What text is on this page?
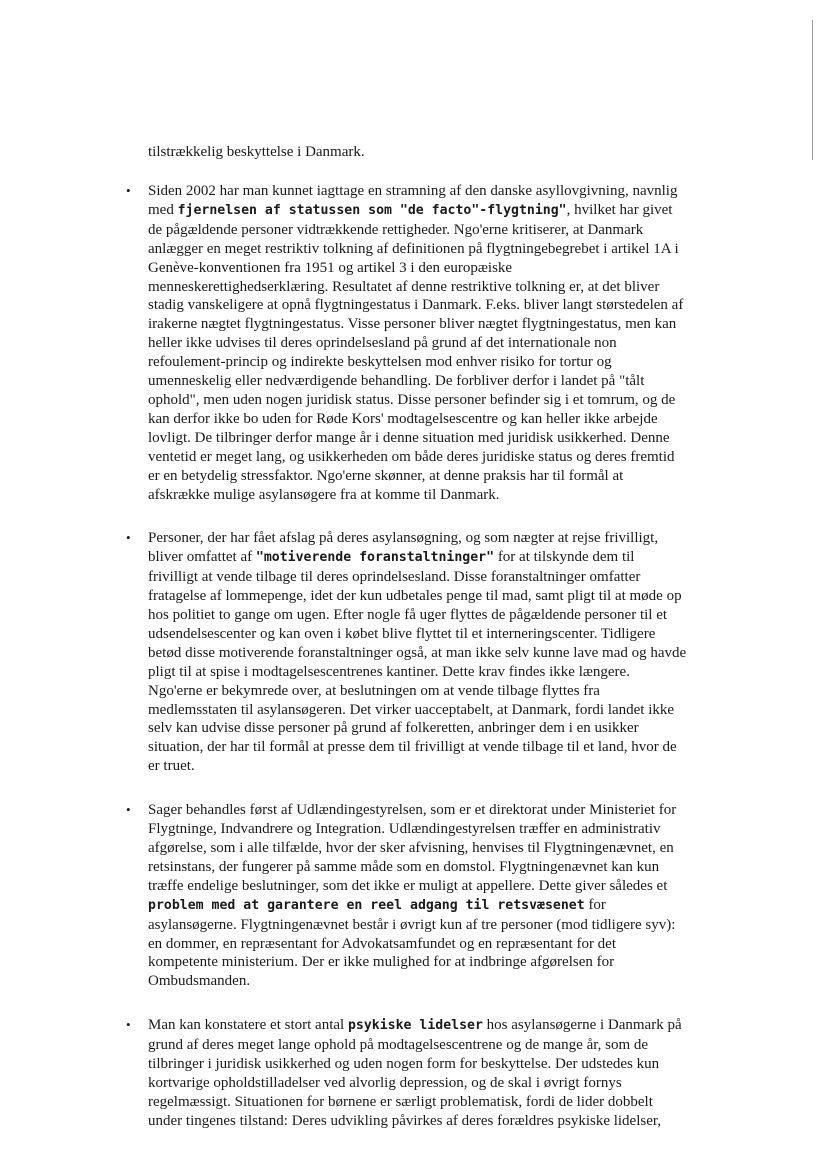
tilstrækkelig beskyttelse i Danmark.

• Siden 2002 har man kunnet iagttage en stramning af den danske asyllovgivning, navnlig med fjernelsen af statussen som "de facto"-flygtning", hvilket har givet de pågældende personer vidtrækkende rettigheder. Ngo'erne kritiserer, at Danmark anlægger en meget restriktiv tolkning af definitionen på flygtningebegrebet i artikel 1A i Genève-konventionen fra 1951 og artikel 3 i den europæiske menneskerettighedserklæring. Resultatet af denne restriktive tolkning er, at det bliver stadig vanskeligere at opnå flygtningestatus i Danmark. F.eks. bliver langt størstedelen af irakerne nægtet flygtningestatus. Visse personer bliver nægtet flygtningestatus, men kan heller ikke udvises til deres oprindelsesland på grund af det internationale non refoulement-princip og indirekte beskyttelsen mod enhver risiko for tortur og umenneskelig eller nedværdigende behandling. De forbliver derfor i landet på "tålt ophold", men uden nogen juridisk status. Disse personer befinder sig i et tomrum, og de kan derfor ikke bo uden for Røde Kors' modtagelsescentre og kan heller ikke arbejde lovligt. De tilbringer derfor mange år i denne situation med juridisk usikkerhed. Denne ventetid er meget lang, og usikkerheden om både deres juridiske status og deres fremtid er en betydelig stressfaktor. Ngo'erne skønner, at denne praksis har til formål at afskrække mulige asylansøgere fra at komme til Danmark.
• Personer, der har fået afslag på deres asylansøgning, og som nægter at rejse frivilligt, bliver omfattet af "motiverende foranstaltninger" for at tilskynde dem til frivilligt at vende tilbage til deres oprindelsesland. Disse foranstaltninger omfatter fratagelse af lommepenge, idet der kun udbetales penge til mad, samt pligt til at møde op hos politiet to gange om ugen. Efter nogle få uger flyttes de pågældende personer til et udsendelsescenter og kan oven i købet blive flyttet til et interneringscenter. Tidligere betød disse motiverende foranstaltninger også, at man ikke selv kunne lave mad og havde pligt til at spise i modtagelsescentrenes kantiner. Dette krav findes ikke længere. Ngo'erne er bekymrede over, at beslutningen om at vende tilbage flyttes fra medlemsstaten til asylansøgeren. Det virker uacceptabelt, at Danmark, fordi landet ikke selv kan udvise disse personer på grund af folkeretten, anbringer dem i en usikker situation, der har til formål at presse dem til frivilligt at vende tilbage til et land, hvor de er truet.
• Sager behandles først af Udlændingestyrelsen, som er et direktorat under Ministeriet for Flygtninge, Indvandrere og Integration. Udlændingestyrelsen træffer en administrativ afgørelse, som i alle tilfælde, hvor der sker afvisning, henvises til Flygtningenævnet, en retsinstans, der fungerer på samme måde som en domstol. Flygtningenævnet kan kun træffe endelige beslutninger, som det ikke er muligt at appellere. Dette giver således et problem med at garantere en reel adgang til retsvæsenet for asylansøgerne. Flygtningenævnet består i øvrigt kun af tre personer (mod tidligere syv): en dommer, en repræsentant for Advokatsamfundet og en repræsentant for det kompetente ministerium. Der er ikke mulighed for at indbringe afgørelsen for Ombudsmanden.
• Man kan konstatere et stort antal psykiske lidelser hos asylansøgerne i Danmark på grund af deres meget lange ophold på modtagelsescentrene og de mange år, som de tilbringer i juridisk usikkerhed og uden nogen form for beskyttelse. Der udstedes kun kortvarige opholdstilladelser ved alvorlig depression, og de skal i øvrigt fornys regelmæssigt. Situationen for børnene er særligt problematisk, fordi de lider dobbelt under tingenes tilstand: Deres udvikling påvirkes af deres forældres psykiske lidelser,
